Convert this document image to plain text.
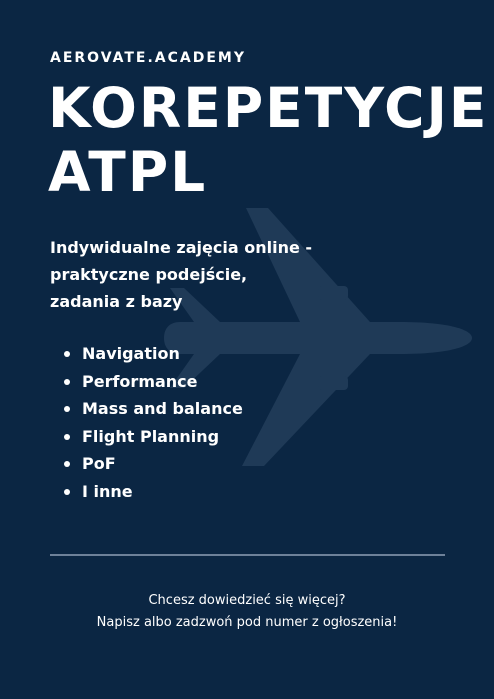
AEROVATE.ACADEMY

KOREPETYCJE
ATPL

Indywidualne zajęcia online -
praktyczne podejście,
zadania z bazy

Navigation
Performance
Mass and balance
Flight Planning
PoF
I inne

Chcesz dowiedzieć się więcej?
Napisz albo zadzwoń pod numer z ogłoszenia!
